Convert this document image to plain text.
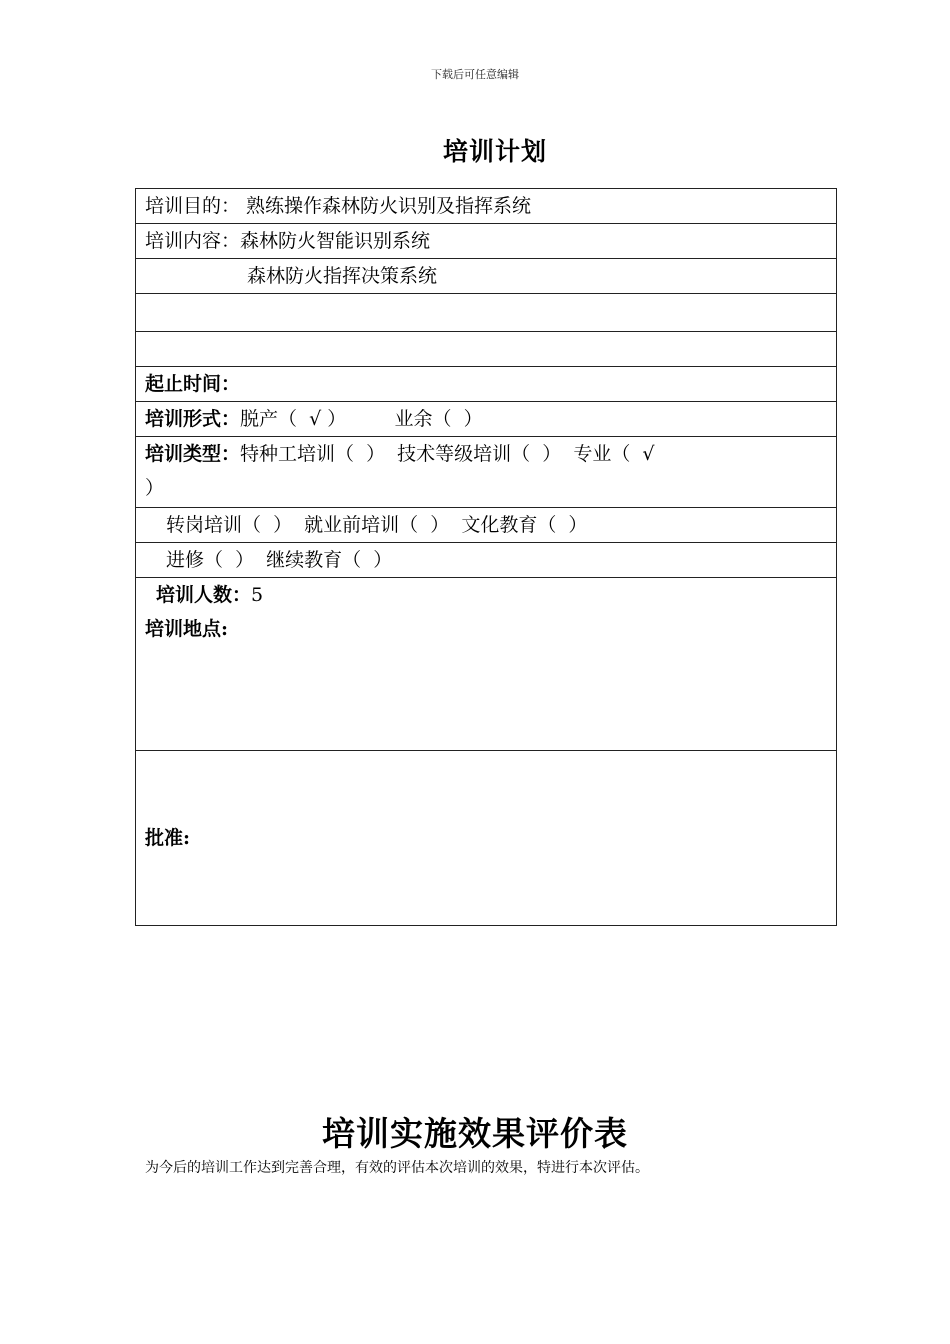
下载后可任意编辑
培训计划
培训目的： 熟练操作森林防火识别及指挥系统
培训内容：森林防火智能识别系统
森林防火指挥决策系统

起止时间：
培训形式：脱产（  √ ）        业余（  ）
培训类型：特种工培训（  ）  技术等级培训（  ）  专业（  √
）
转岗培训（  ）  就业前培训（  ）  文化教育（  ）
进修（  ）  继续教育（  ）

培训人数：5
培训地点:

批准:
培训实施效果评价表
为今后的培训工作达到完善合理，有效的评估本次培训的效果，特进行本次评估。
